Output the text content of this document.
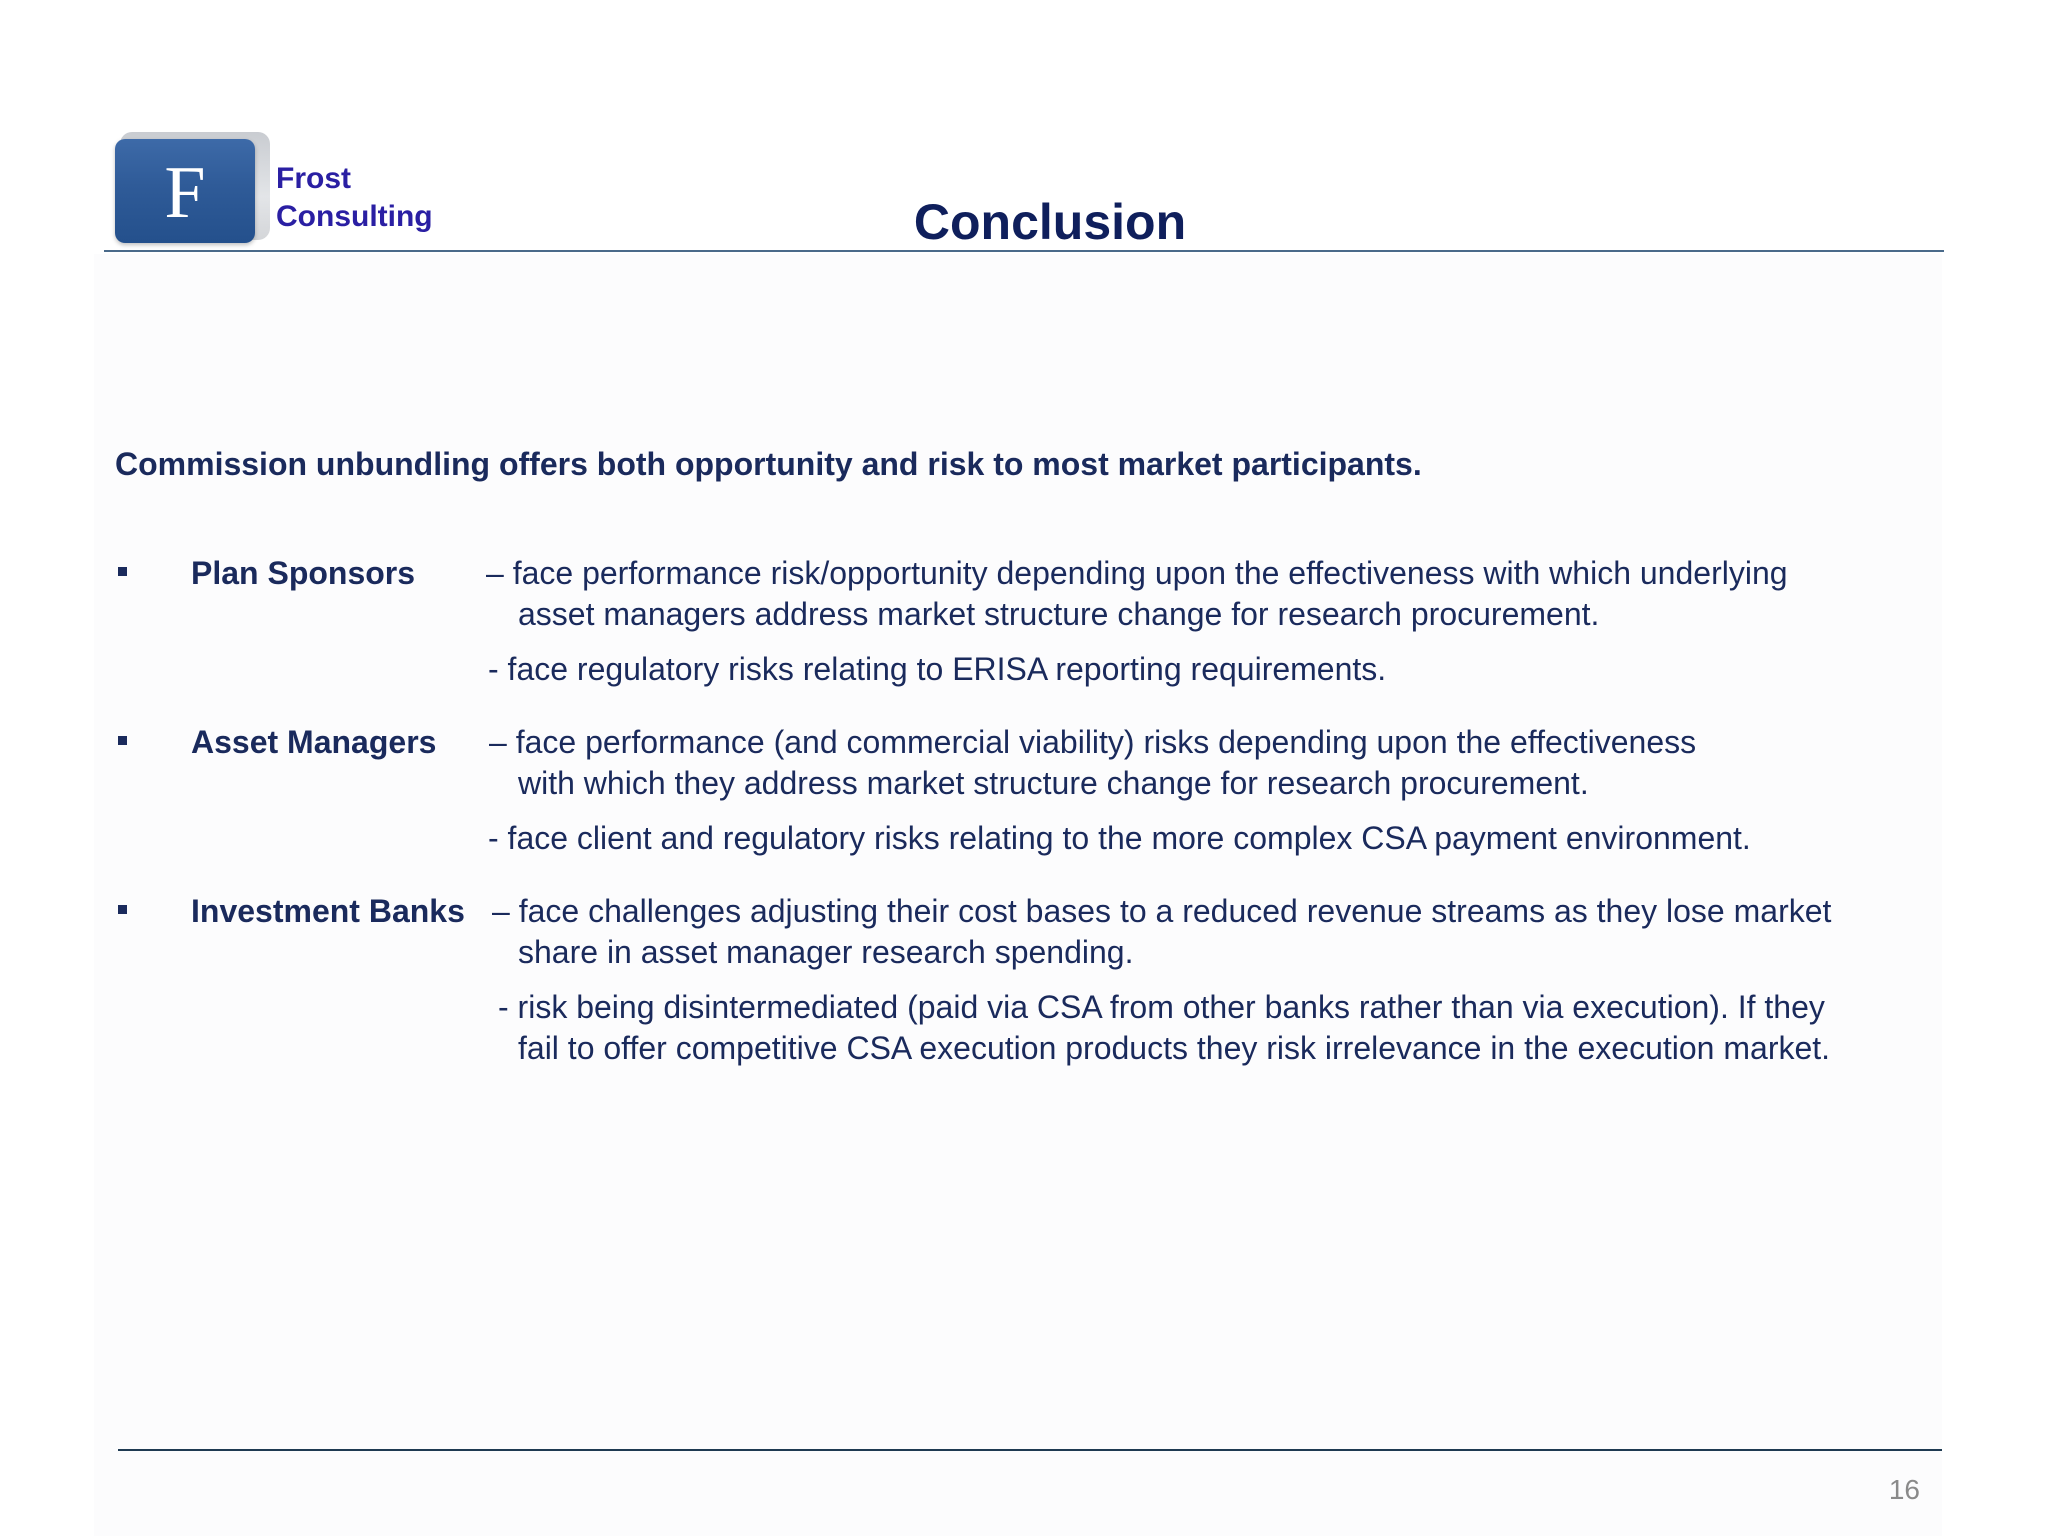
F Frost
Consulting	Conclusion
Commission unbundling offers both opportunity and risk to most market participants.
Plan Sponsors – face performance risk/opportunity depending upon the effectiveness with which underlying
asset managers address market structure change for research procurement.
- face regulatory risks relating to ERISA reporting requirements.
Asset Managers – face performance (and commercial viability) risks depending upon the effectiveness
with which they address market structure change for research procurement.
- face client and regulatory risks relating to the more complex CSA payment environment.
Investment Banks – face challenges adjusting their cost bases to a reduced revenue streams as they lose market
share in asset manager research spending.
- risk being disintermediated (paid via CSA from other banks rather than via execution). If they
fail to offer competitive CSA execution products they risk irrelevance in the execution market.
16
